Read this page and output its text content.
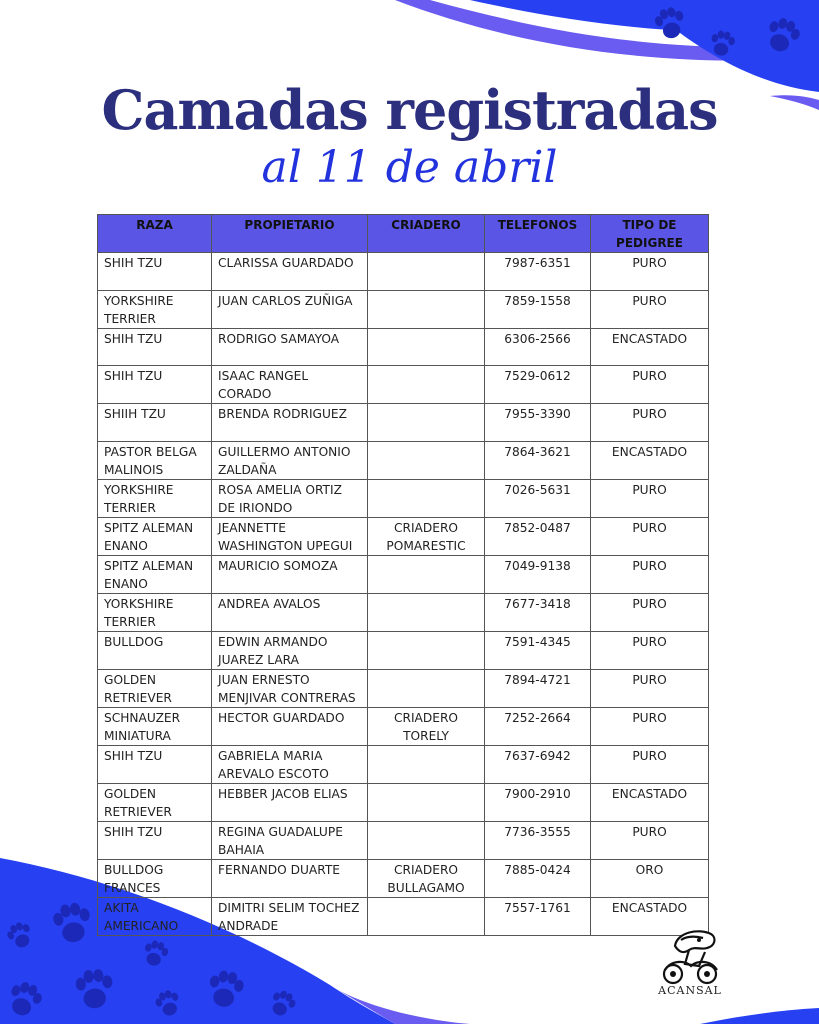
Camadas registradas
al 11 de abril
RAZA	PROPIETARIO	CRIADERO	TELEFONOS	TIPO DE PEDIGREE
SHIH TZU	CLARISSA GUARDADO		7987-6351	PURO
YORKSHIRE TERRIER	JUAN CARLOS ZUÑIGA		7859-1558	PURO
SHIH TZU	RODRIGO SAMAYOA		6306-2566	ENCASTADO
SHIH TZU	ISAAC RANGEL CORADO		7529-0612	PURO
SHIIH TZU	BRENDA RODRIGUEZ		7955-3390	PURO
PASTOR BELGA MALINOIS	GUILLERMO ANTONIO ZALDAÑA		7864-3621	ENCASTADO
YORKSHIRE TERRIER	ROSA AMELIA ORTIZ DE IRIONDO		7026-5631	PURO
SPITZ ALEMAN ENANO	JEANNETTE WASHINGTON UPEGUI	CRIADERO POMARESTIC	7852-0487	PURO
SPITZ ALEMAN ENANO	MAURICIO SOMOZA		7049-9138	PURO
YORKSHIRE TERRIER	ANDREA AVALOS		7677-3418	PURO
BULLDOG	EDWIN ARMANDO JUAREZ LARA		7591-4345	PURO
GOLDEN RETRIEVER	JUAN ERNESTO MENJIVAR CONTRERAS		7894-4721	PURO
SCHNAUZER MINIATURA	HECTOR GUARDADO	CRIADERO TORELY	7252-2664	PURO
SHIH TZU	GABRIELA MARIA AREVALO ESCOTO		7637-6942	PURO
GOLDEN RETRIEVER	HEBBER JACOB ELIAS		7900-2910	ENCASTADO
SHIH TZU	REGINA GUADALUPE BAHAIA		7736-3555	PURO
BULLDOG FRANCES	FERNANDO DUARTE	CRIADERO BULLAGAMO	7885-0424	ORO
AKITA AMERICANO	DIMITRI SELIM TOCHEZ ANDRADE		7557-1761	ENCASTADO
ACANSAL
